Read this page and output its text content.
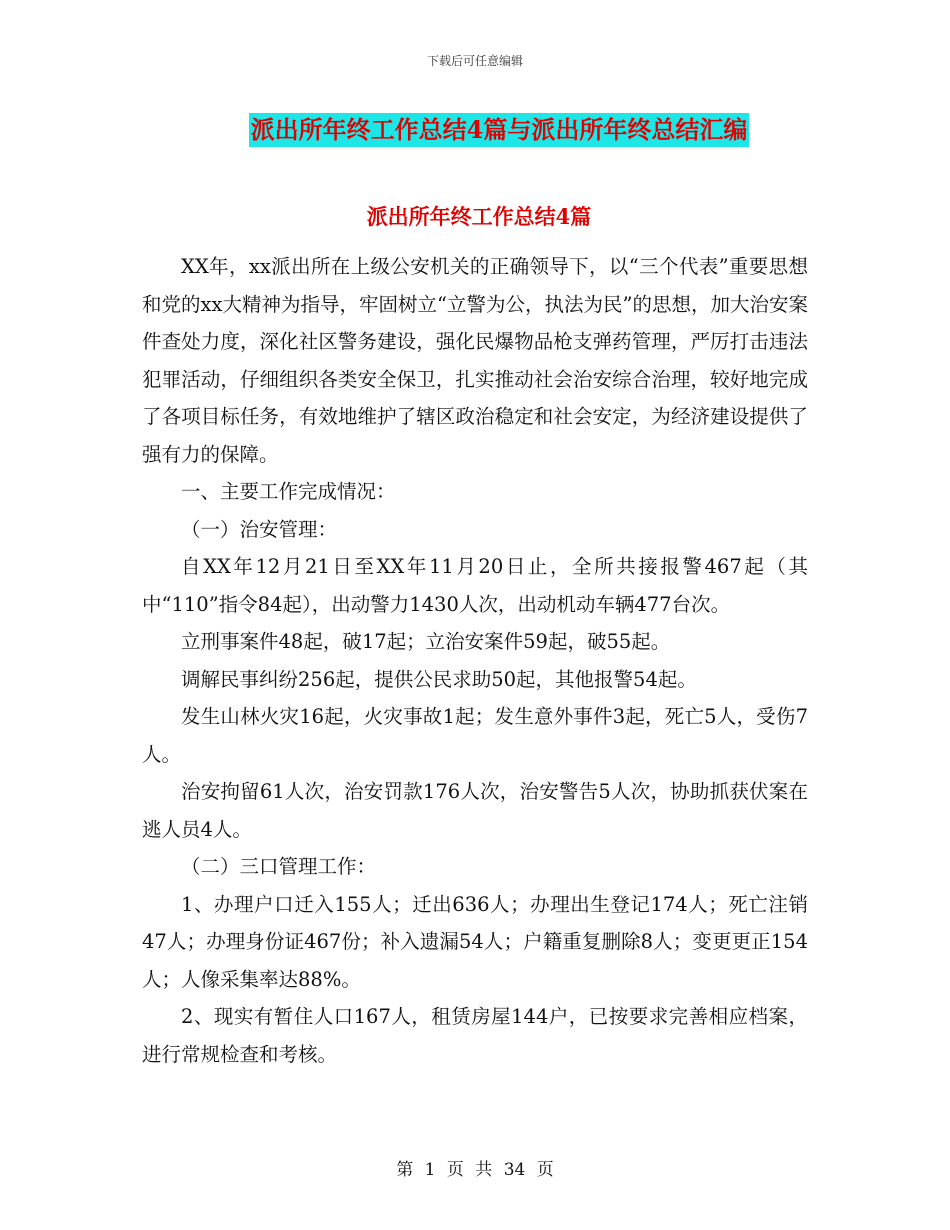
下载后可任意编辑
派出所年终工作总结4篇与派出所年终总结汇编
派出所年终工作总结4篇

XX年，xx派出所在上级公安机关的正确领导下，以“三个代表”重要思想和党的xx大精神为指导，牢固树立“立警为公，执法为民”的思想，加大治安案件查处力度，深化社区警务建设，强化民爆物品枪支弹药管理，严厉打击违法犯罪活动，仔细组织各类安全保卫，扎实推动社会治安综合治理，较好地完成了各项目标任务，有效地维护了辖区政治稳定和社会安定，为经济建设提供了强有力的保障。

一、主要工作完成情况：

（一）治安管理：

自XX年12月21日至XX年11月20日止，全所共接报警467起（其中“110”指令84起），出动警力1430人次，出动机动车辆477台次。

立刑事案件48起，破17起；立治安案件59起，破55起。

调解民事纠纷256起，提供公民求助50起，其他报警54起。

发生山林火灾16起，火灾事故1起；发生意外事件3起，死亡5人，受伤7人。

治安拘留61人次，治安罚款176人次，治安警告5人次，协助抓获伏案在逃人员4人。

（二）三口管理工作：

1、办理户口迁入155人；迁出636人；办理出生登记174人；死亡注销47人；办理身份证467份；补入遗漏54人；户籍重复删除8人；变更更正154人；人像采集率达88%。

2、现实有暂住人口167人，租赁房屋144户，已按要求完善相应档案，进行常规检查和考核。

第 1 页 共 34 页
